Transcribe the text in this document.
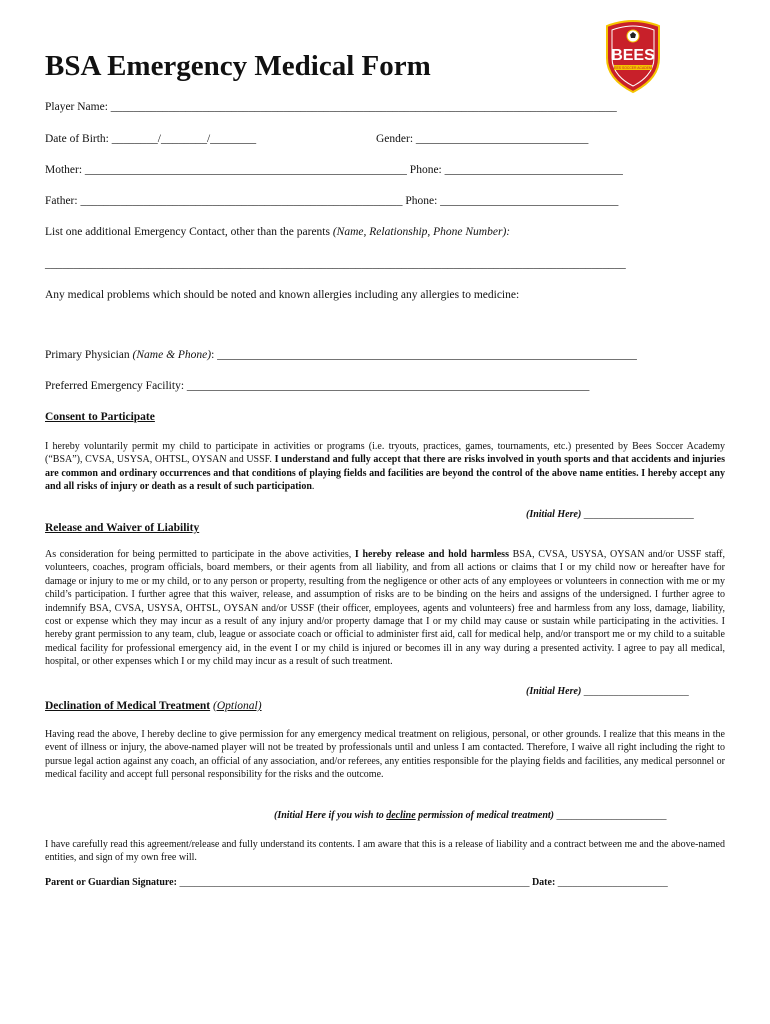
BEES
BEES SOCCER ACADEMY
BSA Emergency Medical Form
Player Name: ________________________________________________________________________________________
Date of Birth: ________/________/________	Gender: ______________________________
Mother: ________________________________________________________ Phone: _______________________________
Father: ________________________________________________________ Phone: _______________________________
List one additional Emergency Contact, other than the parents (Name, Relationship, Phone Number):
_____________________________________________________________________________________________________
Any medical problems which should be noted and known allergies including any allergies to medicine:
Primary Physician (Name & Phone): _________________________________________________________________________
Preferred Emergency Facility: ______________________________________________________________________
Consent to Participate
I hereby voluntarily permit my child to participate in activities or programs (i.e. tryouts, practices, games, tournaments, etc.) presented by Bees Soccer Academy (“BSA”), CVSA, USYSA, OHTSL, OYSAN and USSF. I understand and fully accept that there are risks involved in youth sports and that accidents and injuries are common and ordinary occurrences and that conditions of playing fields and facilities are beyond the control of the above name entities. I hereby accept any and all risks of injury or death as a result of such participation.
(Initial Here) ______________________
Release and Waiver of Liability
As consideration for being permitted to participate in the above activities, I hereby release and hold harmless BSA, CVSA, USYSA, OYSAN and/or USSF staff, volunteers, coaches, program officials, board members, or their agents from all liability, and from all actions or claims that I or my child now or hereafter have for damage or injury to me or my child, or to any person or property, resulting from the negligence or other acts of any employees or volunteers in connection with me or my child’s participation. I further agree that this waiver, release, and assumption of risks are to be binding on the heirs and assigns of the undersigned. I further agree to indemnify BSA, CVSA, USYSA, OHTSL, OYSAN and/or USSF (their officer, employees, agents and volunteers) free and harmless from any loss, damage, liability, cost or expense which they may incur as a result of any injury and/or property damage that I or my child may cause or sustain while participating in the activities. I hereby grant permission to any team, club, league or associate coach or official to administer first aid, call for medical help, and/or transport me or my child to a suitable medical facility for professional emergency aid, in the event I or my child is injured or becomes ill in any way during a presented activity. I agree to pay all medical, hospital, or other expenses which I or my child may incur as a result of such treatment.
(Initial Here) _____________________
Declination of Medical Treatment (Optional)
Having read the above, I hereby decline to give permission for any emergency medical treatment on religious, personal, or other grounds. I realize that this means in the event of illness or injury, the above-named player will not be treated by professionals until and unless I am contacted. Therefore, I waive all right including the right to pursue legal action against any coach, an official of any association, and/or referees, any entities responsible for the playing fields and facilities, any medical personnel or medical facility and accept full personal responsibility for the risks and the outcome.
(Initial Here if you wish to decline permission of medical treatment) ______________________
I have carefully read this agreement/release and fully understand its contents. I am aware that this is a release of liability and a contract between me and the above-named entities, and sign of my own free will.
Parent or Guardian Signature: ______________________________________________________________________ Date: ______________________
